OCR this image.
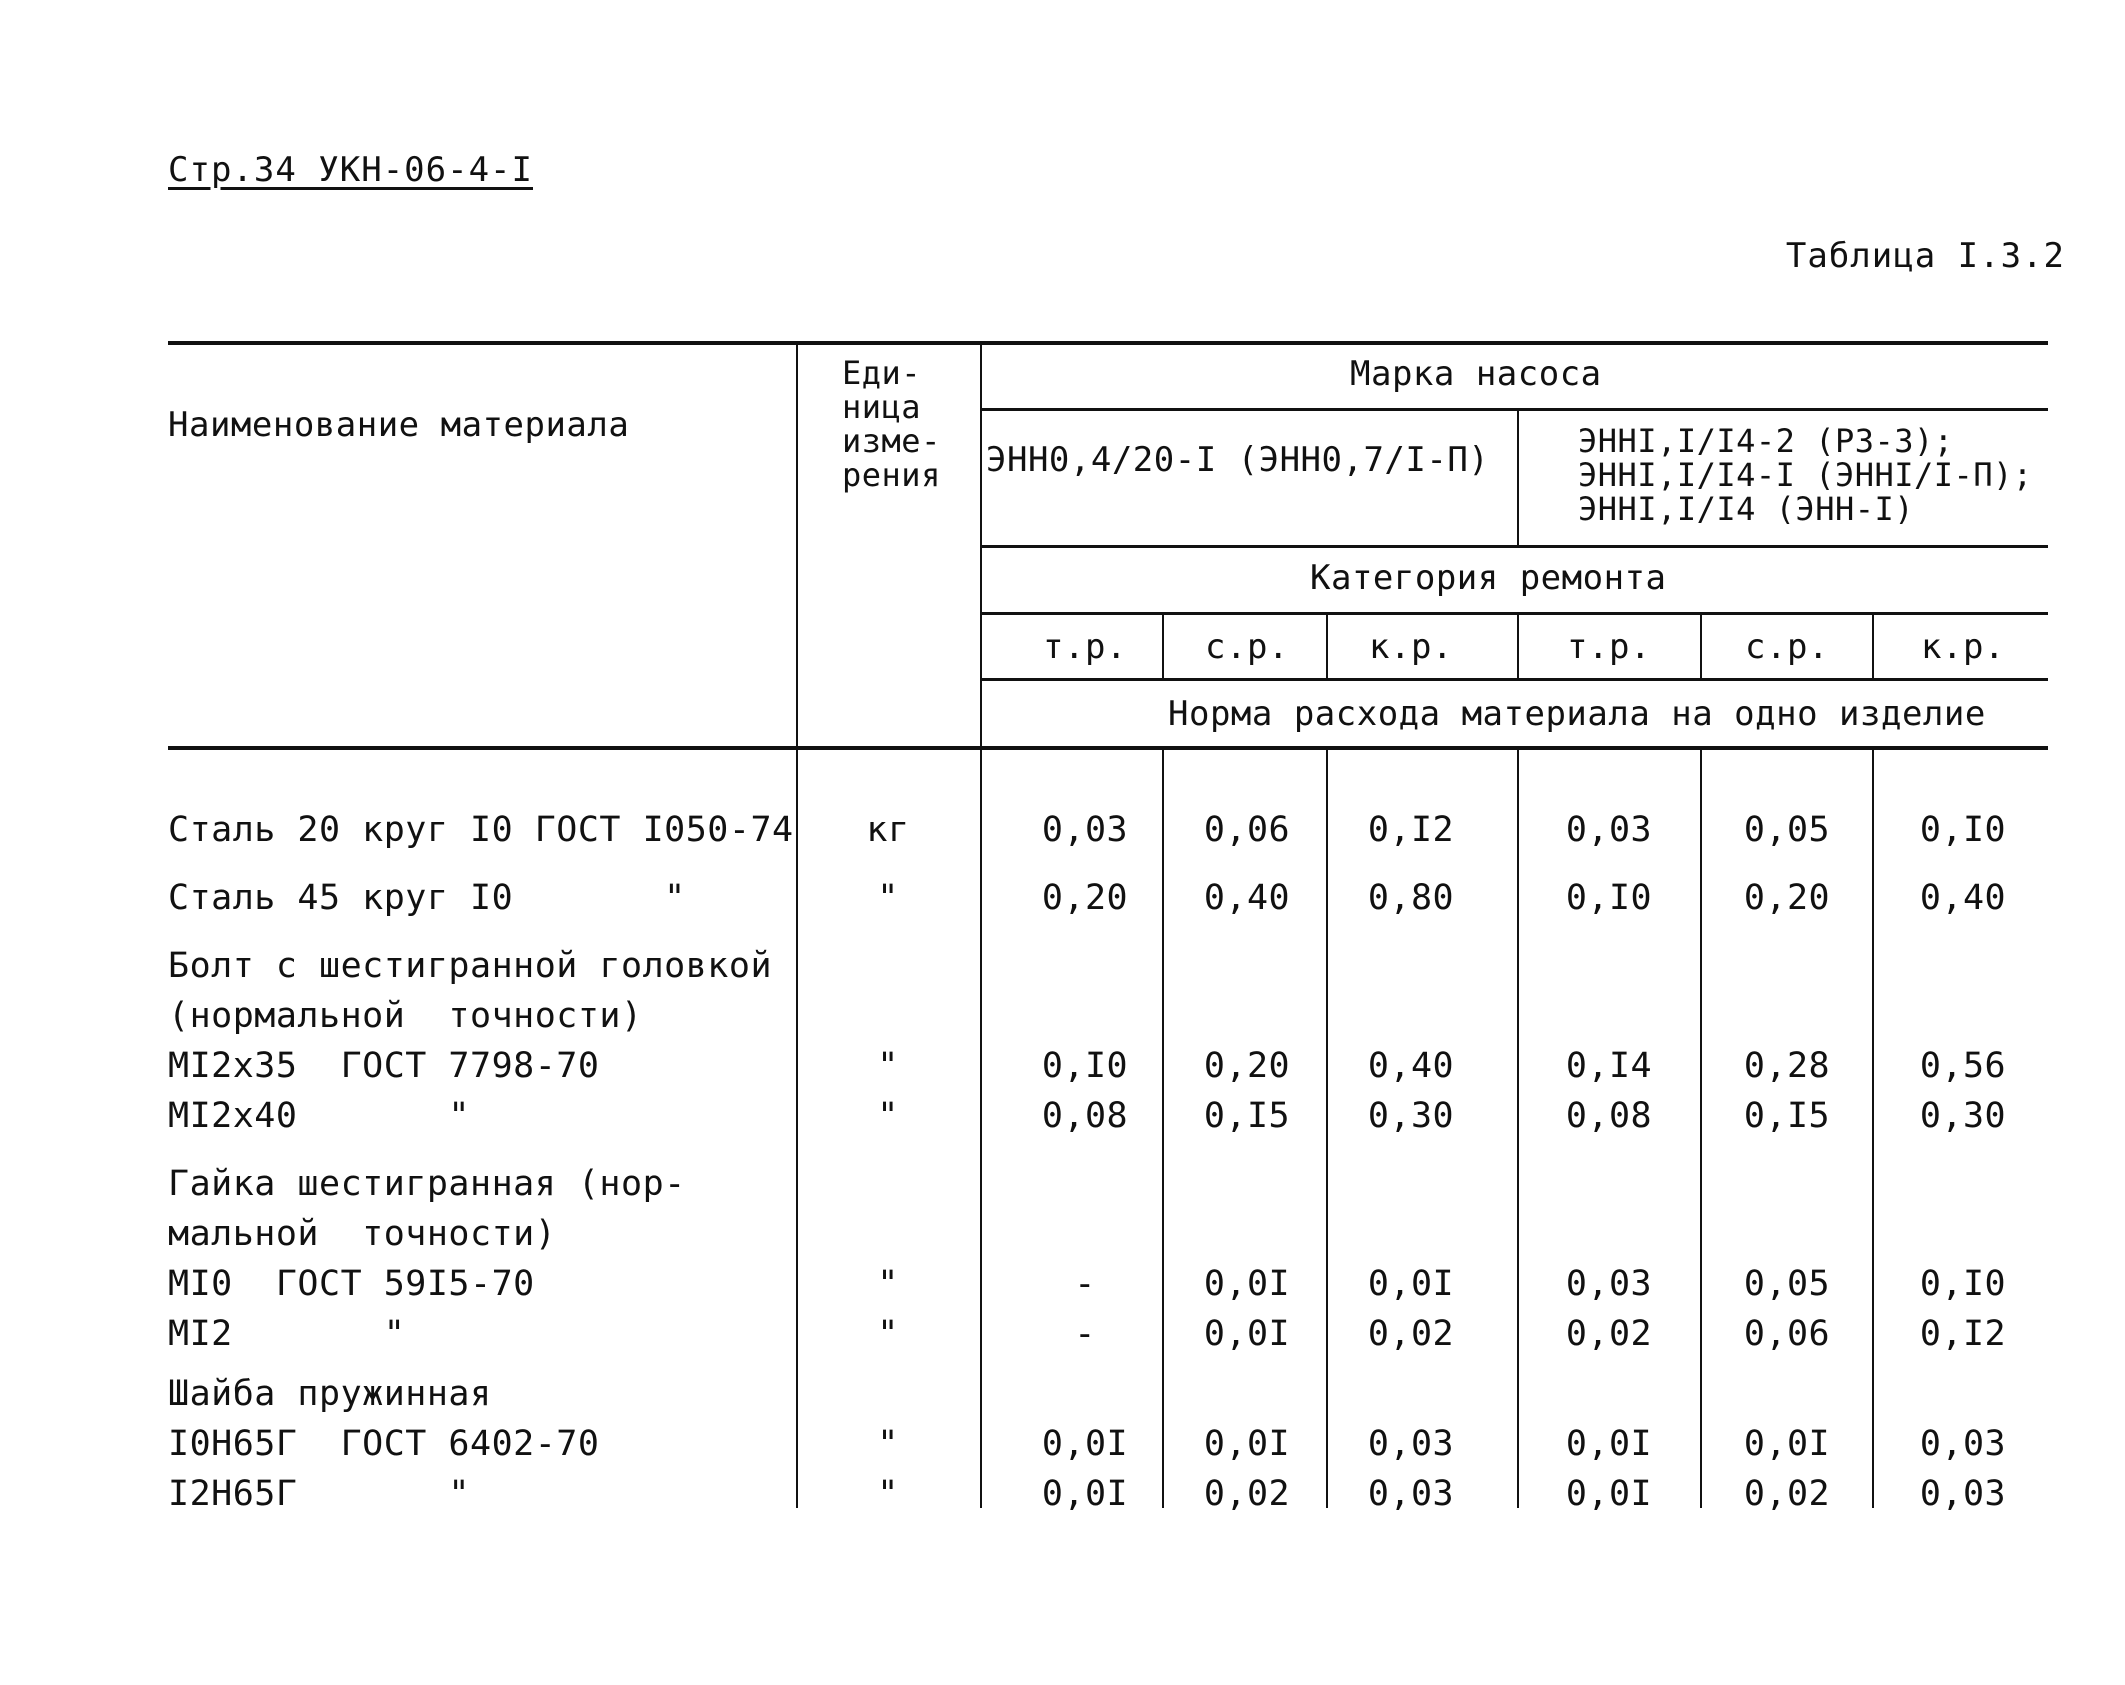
Стр.34 УКН-06-4-I
Таблица I.3.2
Наименование материала
Еди-
ница
изме-
рения
Марка насоса
ЭНН0,4/20-I (ЭНН0,7/I-П)	ЭННI,I/I4-2 (РЗ-3);
ЭННI,I/I4-I (ЭННI/I-П);
ЭННI,I/I4 (ЭНН-I)
Категория ремонта
т.р.	с.р.	к.р.	т.р.	с.р.	к.р.
Норма расхода материала на одно изделие
Сталь 20 круг I0 ГОСТ I050-74	кг	0,03	0,06	0,I2	0,03	0,05	0,I0
Сталь 45 круг I0       "	"	0,20	0,40	0,80	0,I0	0,20	0,40
Болт с шестигранной головкой
(нормальной  точности)
MI2x35  ГОСТ 7798-70	"	0,I0	0,20	0,40	0,I4	0,28	0,56
MI2x40       "	"	0,08	0,I5	0,30	0,08	0,I5	0,30
Гайка шестигранная (нор-
мальной  точности)
MI0  ГОСТ 59I5-70	"	-	0,0I	0,0I	0,03	0,05	0,I0
MI2       "	"	-	0,0I	0,02	0,02	0,06	0,I2
Шайба пружинная
I0Н65Г  ГОСТ 6402-70	"	0,0I	0,0I	0,03	0,0I	0,0I	0,03
I2Н65Г       "	"	0,0I	0,02	0,03	0,0I	0,02	0,03
